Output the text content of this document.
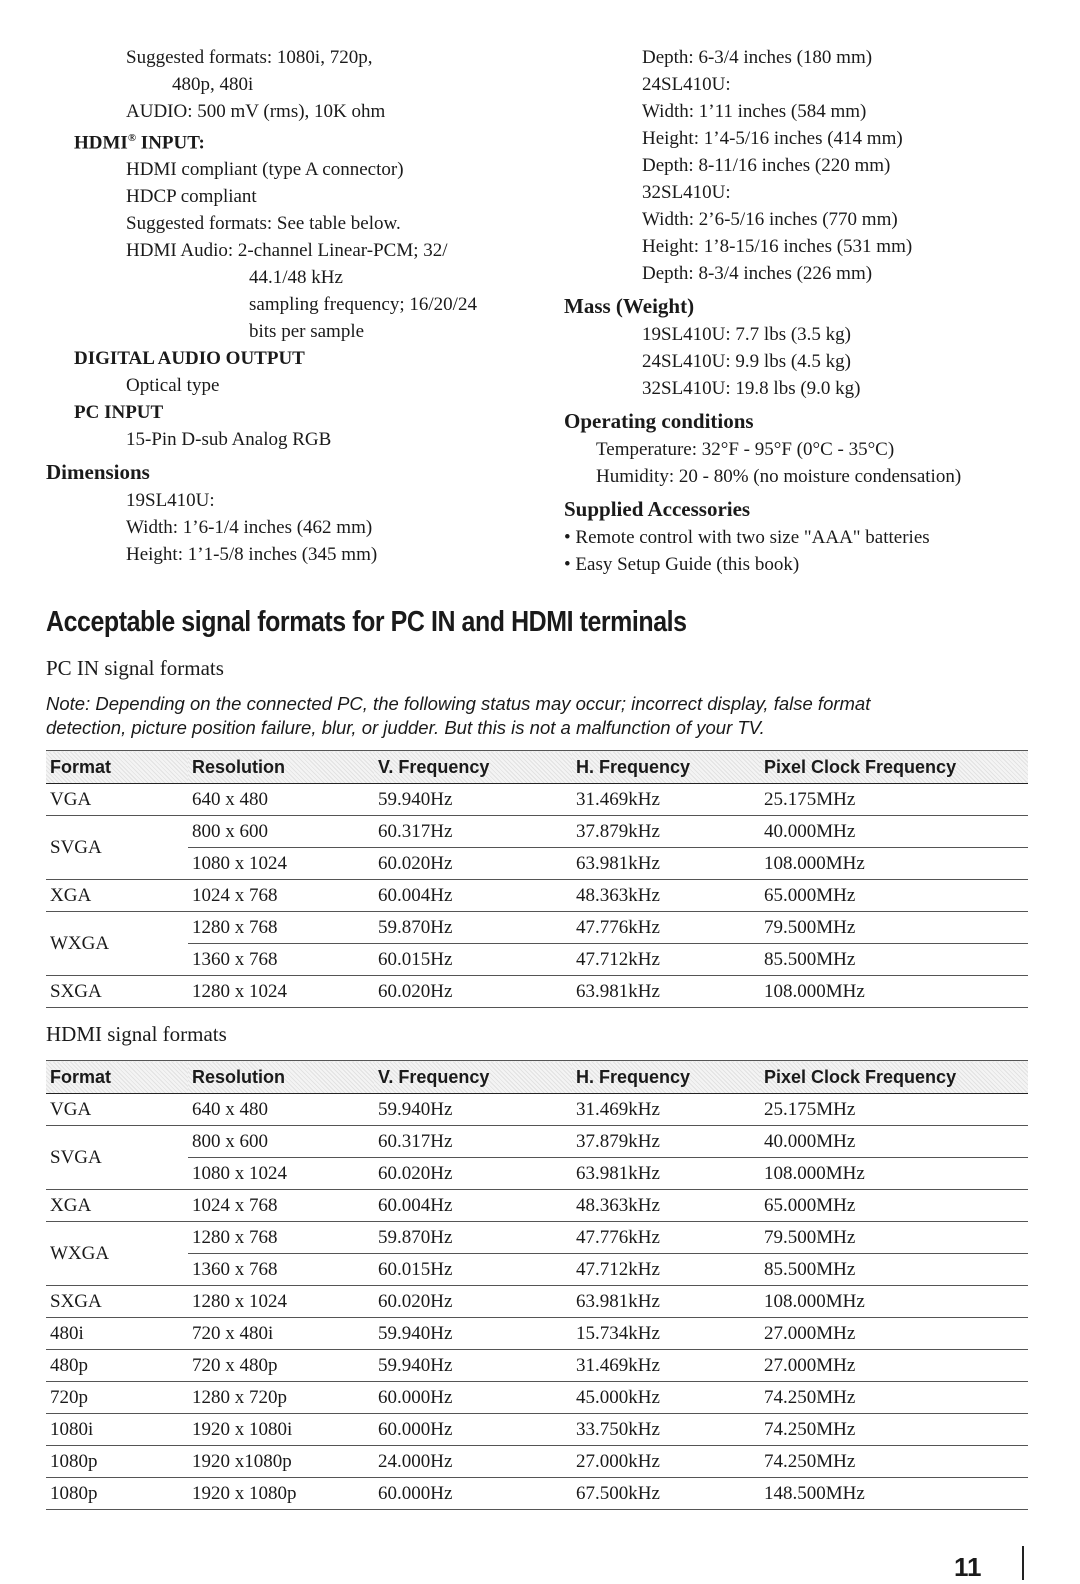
Suggested formats: 1080i, 720p,
480p, 480i
AUDIO: 500 mV (rms), 10K ohm
HDMI® INPUT:
HDMI compliant (type A connector)
HDCP compliant
Suggested formats: See table below.
HDMI Audio: 2-channel Linear-PCM; 32/
44.1/48 kHz
sampling frequency; 16/20/24
bits per sample
DIGITAL AUDIO OUTPUT
Optical type
PC INPUT
15-Pin D-sub Analog RGB
Dimensions
19SL410U:
Width: 1’6-1/4 inches (462 mm)
Height: 1’1-5/8 inches (345 mm)
Depth: 6-3/4 inches (180 mm)
24SL410U:
Width: 1’11 inches (584 mm)
Height: 1’4-5/16 inches (414 mm)
Depth: 8-11/16 inches (220 mm)
32SL410U:
Width: 2’6-5/16 inches (770 mm)
Height: 1’8-15/16 inches (531 mm)
Depth: 8-3/4 inches (226 mm)
Mass (Weight)
19SL410U: 7.7 lbs (3.5 kg)
24SL410U: 9.9 lbs (4.5 kg)
32SL410U: 19.8 lbs (9.0 kg)
Operating conditions
Temperature: 32°F - 95°F (0°C - 35°C)
Humidity: 20 - 80% (no moisture condensation)
Supplied Accessories
• Remote control with two size "AAA" batteries
• Easy Setup Guide (this book)
Acceptable signal formats for PC IN and HDMI terminals
PC IN signal formats
Note: Depending on the connected PC, the following status may occur; incorrect display, false format
detection, picture position failure, blur, or judder. But this is not a malfunction of your TV.
Format	Resolution	V. Frequency	H. Frequency	Pixel Clock Frequency
VGA	640 x 480	59.940Hz	31.469kHz	25.175MHz
SVGA	800 x 600	60.317Hz	37.879kHz	40.000MHz
	1080 x 1024	60.020Hz	63.981kHz	108.000MHz
XGA	1024 x 768	60.004Hz	48.363kHz	65.000MHz
WXGA	1280 x 768	59.870Hz	47.776kHz	79.500MHz
	1360 x 768	60.015Hz	47.712kHz	85.500MHz
SXGA	1280 x 1024	60.020Hz	63.981kHz	108.000MHz
HDMI signal formats
Format	Resolution	V. Frequency	H. Frequency	Pixel Clock Frequency
VGA	640 x 480	59.940Hz	31.469kHz	25.175MHz
SVGA	800 x 600	60.317Hz	37.879kHz	40.000MHz
	1080 x 1024	60.020Hz	63.981kHz	108.000MHz
XGA	1024 x 768	60.004Hz	48.363kHz	65.000MHz
WXGA	1280 x 768	59.870Hz	47.776kHz	79.500MHz
	1360 x 768	60.015Hz	47.712kHz	85.500MHz
SXGA	1280 x 1024	60.020Hz	63.981kHz	108.000MHz
480i	720 x 480i	59.940Hz	15.734kHz	27.000MHz
480p	720 x 480p	59.940Hz	31.469kHz	27.000MHz
720p	1280 x 720p	60.000Hz	45.000kHz	74.250MHz
1080i	1920 x 1080i	60.000Hz	33.750kHz	74.250MHz
1080p	1920 x1080p	24.000Hz	27.000kHz	74.250MHz
1080p	1920 x 1080p	60.000Hz	67.500kHz	148.500MHz
11
